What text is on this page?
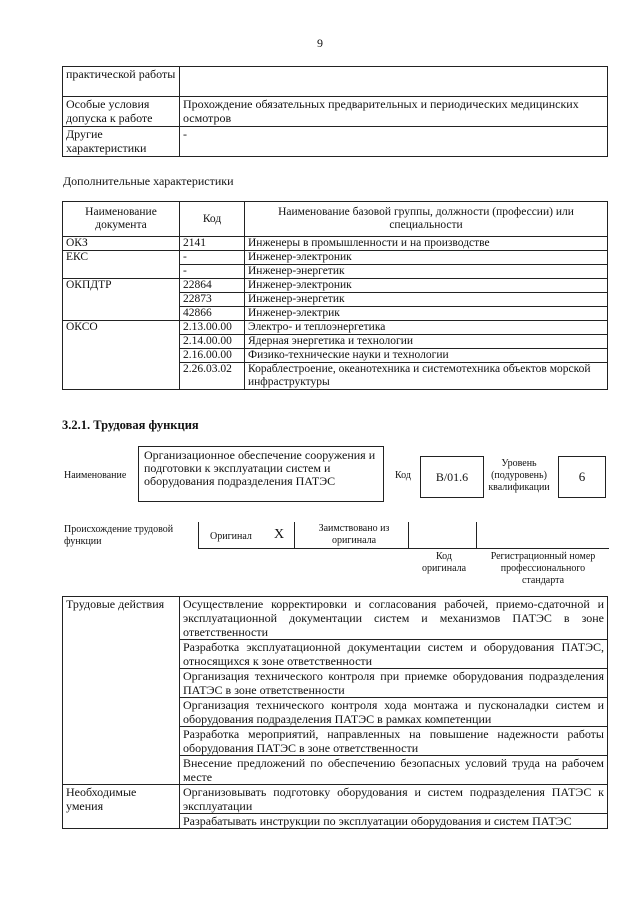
9
практической работы	
Особые условия допуска к работе	Прохождение обязательных предварительных и периодических медицинских осмотров
Другие характеристики	-
Дополнительные характеристики
Наименование документа	Код	Наименование базовой группы, должности (профессии) или специальности
ОКЗ	2141	Инженеры в промышленности и на производстве
ЕКС	-	Инженер-электроник
	-	Инженер-энергетик
ОКПДТР	22864	Инженер-электроник
	22873	Инженер-энергетик
	42866	Инженер-электрик
ОКСО	2.13.00.00	Электро- и теплоэнергетика
	2.14.00.00	Ядерная энергетика и технологии
	2.16.00.00	Физико-технические науки и технологии
	2.26.03.02	Кораблестроение, океанотехника и системотехника объектов морской инфраструктуры
3.2.1. Трудовая функция
Наименование
Организационное обеспечение сооружения и подготовки к эксплуатации систем и оборудования подразделения ПАТЭС	Код	B/01.6
Уровень (подуровень) квалификации
6
Происхождение трудовой функции	Оригинал X	Заимствовано из оригинала
Код оригинала
Регистрационный номер профессионального стандарта
Трудовые действия	Осуществление корректировки и согласования рабочей, приемо-сдаточной и эксплуатационной документации систем и механизмов ПАТЭС в зоне ответственности
	Разработка эксплуатационной документации систем и оборудования ПАТЭС, относящихся к зоне ответственности
	Организация технического контроля при приемке оборудования подразделения ПАТЭС в зоне ответственности
	Организация технического контроля хода монтажа и пусконаладки систем и оборудования подразделения ПАТЭС в рамках компетенции
	Разработка мероприятий, направленных на повышение надежности работы оборудования ПАТЭС в зоне ответственности
	Внесение предложений по обеспечению безопасных условий труда на рабочем месте
Необходимые умения	Организовывать подготовку оборудования и систем подразделения ПАТЭС к эксплуатации
	Разрабатывать инструкции по эксплуатации оборудования и систем ПАТЭС
